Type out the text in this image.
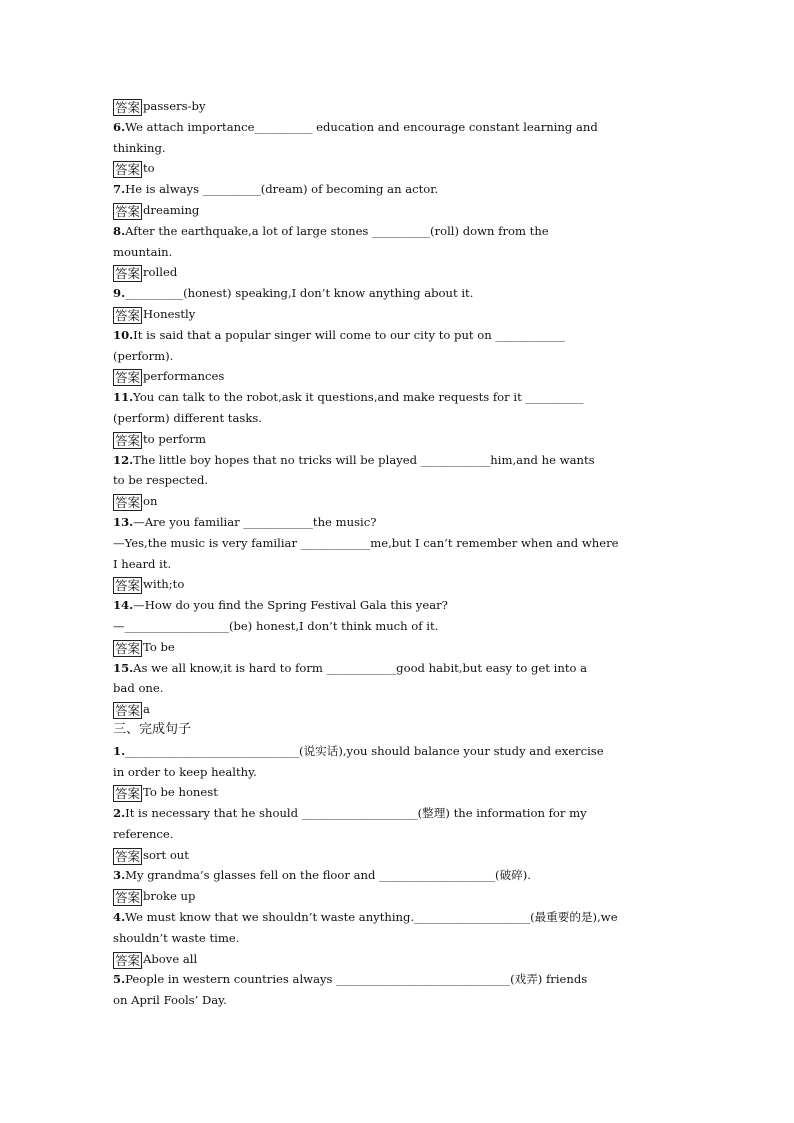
答案 passers-by
6.We attach importance__________ education and encourage constant learning and
thinking.
答案 to
7.He is always __________(dream) of becoming an actor.
答案 dreaming
8.After the earthquake,a lot of large stones __________(roll) down from the
mountain.
答案 rolled
9.__________(honest) speaking,I don’t know anything about it.
答案 Honestly
10.It is said that a popular singer will come to our city to put on ____________
(perform).
答案 performances
11.You can talk to the robot,ask it questions,and make requests for it __________
(perform) different tasks.
答案 to perform
12.The little boy hopes that no tricks will be played ____________him,and he wants
to be respected.
答案 on
13.—Are you familiar ____________the music?
—Yes,the music is very familiar ____________me,but I can’t remember when and where
I heard it.
答案 with;to
14.—How do you find the Spring Festival Gala this year?
—__________________(be) honest,I don’t think much of it.
答案 To be
15.As we all know,it is hard to form ____________good habit,but easy to get into a
bad one.
答案 a
三、完成句子
1.______________________________(说实话),you should balance your study and exercise
in order to keep healthy.
答案 To be honest
2.It is necessary that he should ____________________(整理) the information for my
reference.
答案 sort out
3.My grandma’s glasses fell on the floor and ____________________(破碎).
答案 broke up
4.We must know that we shouldn’t waste anything.____________________(最重要的是),we
shouldn’t waste time.
答案 Above all
5.People in western countries always ______________________________(戏弄) friends
on April Fools’ Day.
